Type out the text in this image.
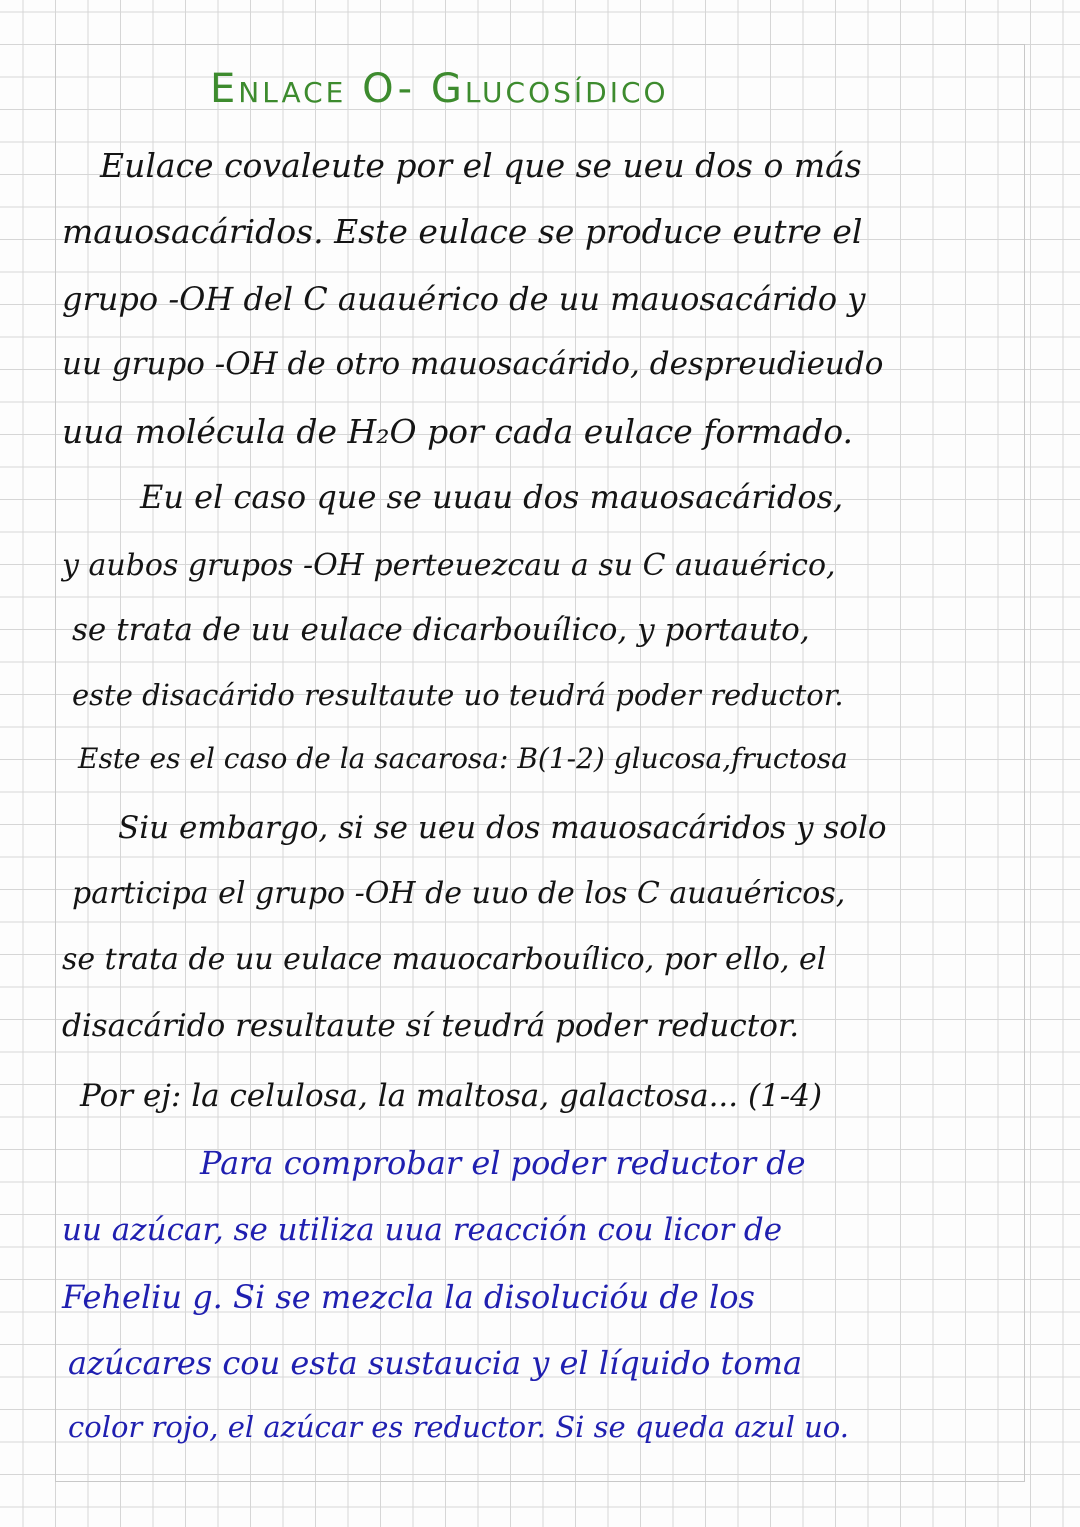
Enlace O- Glucosídico
Eulace covaleute por el que se ueu dos o más
mauosacáridos. Este eulace se produce eutre el
grupo -OH del C auauérico de uu mauosacárido y
uu grupo -OH de otro mauosacárido, despreudieudo
uua molécula de H₂O por cada eulace formado.
Eu el caso que se uuau dos mauosacáridos,
y aubos grupos -OH perteuezcau a su C auauérico,
se trata de uu eulace dicarbouílico, y portauto,
este disacárido resultaute uo teudrá poder reductor.
Este es el caso de la sacarosa: B(1-2) glucosa,fructosa
Siu embargo, si se ueu dos mauosacáridos y solo
participa el grupo -OH de uuo de los C auauéricos,
se trata de uu eulace mauocarbouílico, por ello, el
disacárido resultaute sí teudrá poder reductor.
Por ej: la celulosa, la maltosa, galactosa... (1-4)
Para comprobar el poder reductor de
uu azúcar, se utiliza uua reacción cou licor de
Feheliu g. Si se mezcla la disolucióu de los
azúcares cou esta sustaucia y el líquido toma
color rojo, el azúcar es reductor. Si se queda azul uo.
